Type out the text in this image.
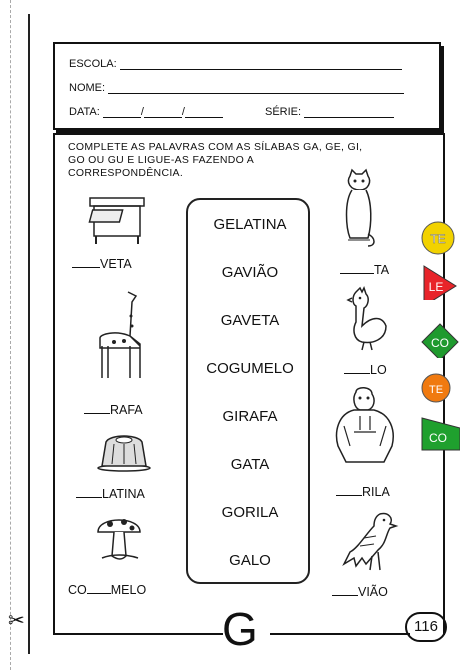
✂
ESCOLA:
NOME:
DATA:	/	/	SÉRIE:
COMPLETE AS PALAVRAS COM AS SÍLABAS GA, GE, GI, GO OU GU E LIGUE-AS FAZENDO A CORRESPONDÊNCIA.
GELATINA
GAVIÃO
GAVETA
COGUMELO
GIRAFA
GATA
GORILA
GALO
VETA
RAFA
LATINA
CO MELO
TA
LO
RILA
VIÃO
TE
LE
CO
TE
CO
G	116
